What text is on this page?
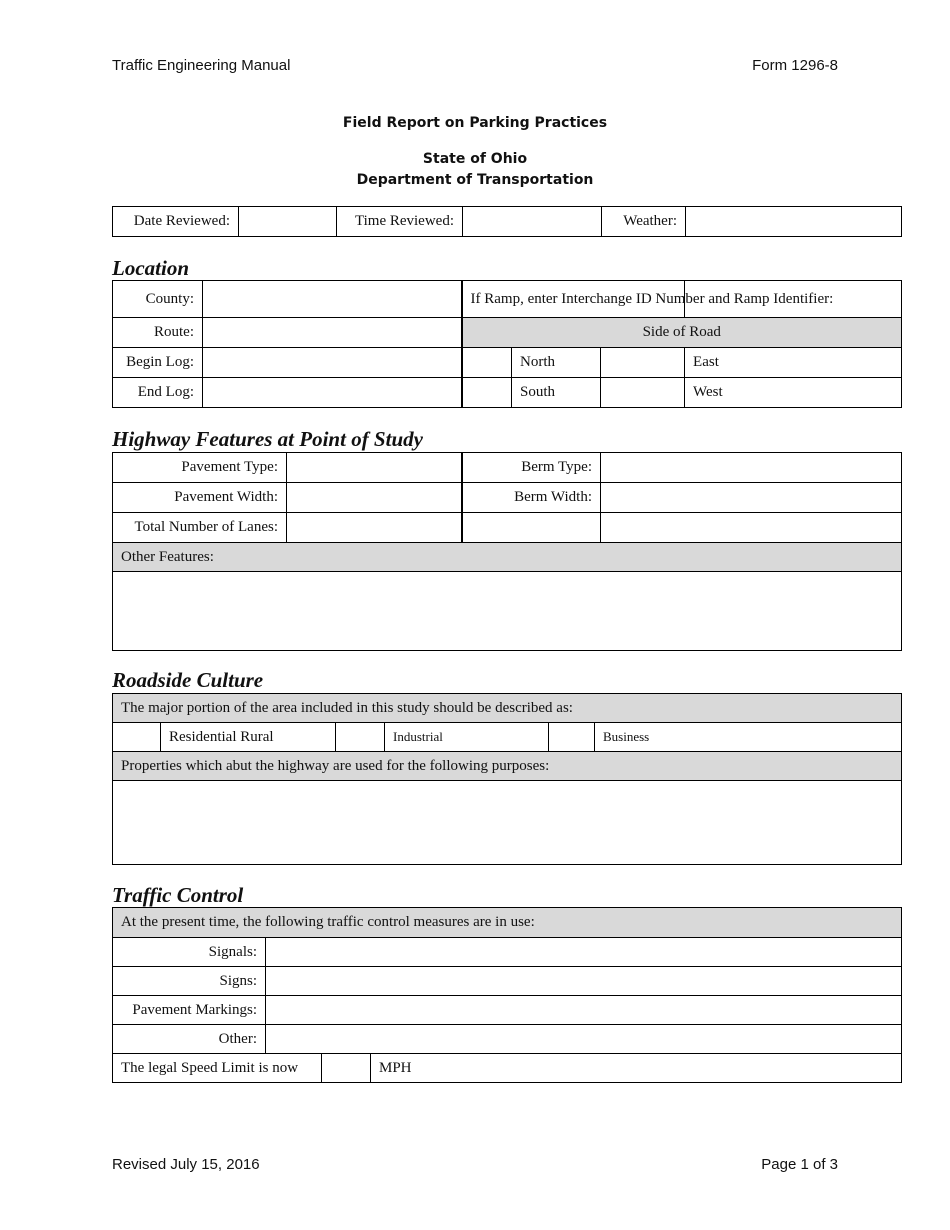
Traffic Engineering Manual	Form 1296-8
Field Report on Parking Practices
State of Ohio
Department of Transportation
Date Reviewed:		Time Reviewed:		Weather:	
Location
County:		If Ramp, enter Interchange ID Number and Ramp Identifier:			
Route:		Side of Road			
Begin Log:			North		East
End Log:			South		West
Highway Features at Point of Study
Pavement Type:		Berm Type:	
Pavement Width:		Berm Width:	
Total Number of Lanes:			
Other Features:			

Roadside Culture
The major portion of the area included in this study should be described as:
	Residential Rural		Industrial		Business
Properties which abut the highway are used for the following purposes:

Traffic Control
At the present time, the following traffic control measures are in use:			
Signals:			
Signs:			
Pavement Markings:			
Other:			
The legal Speed Limit is now			MPH
Revised July 15, 2016	Page 1 of 3
